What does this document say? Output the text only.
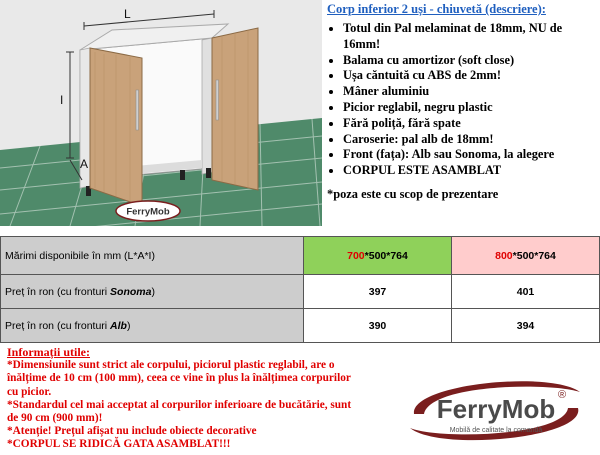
L
I
A
FerryMob
Corp inferior 2 uși - chiuvetă (descriere):
• Totul din Pal melaminat de 18mm, NU de 16mm!
• Balama cu amortizor (soft close)
• Ușa căntuită cu ABS de 2mm!
• Mâner aluminiu
• Picior reglabil, negru plastic
• Fără poliță, fără spate
• Caroserie: pal alb de 18mm!
• Front (fața): Alb sau Sonoma, la alegere
• CORPUL ESTE ASAMBLAT
*poza este cu scop de prezentare
Mărimi disponibile în mm (L*A*I)	700*500*764	800*500*764
Preț în ron (cu fronturi Sonoma)	397	401
Preț în ron (cu fronturi Alb)	390	394
Informații utile:
*Dimensiunile sunt strict ale corpului, piciorul plastic reglabil, are o înălțime de 10 cm (100 mm), ceea ce vine în plus la înălțimea corpurilor cu picior.
*Standardul cel mai acceptat al corpurilor inferioare de bucătărie, sunt de 90 cm (900 mm)!
*Atenție! Prețul afișat nu include obiecte decorative
*CORPUL SE RIDICĂ GATA ASAMBLAT!!!
FerryMob ®
Mobilă de calitate la comandă
